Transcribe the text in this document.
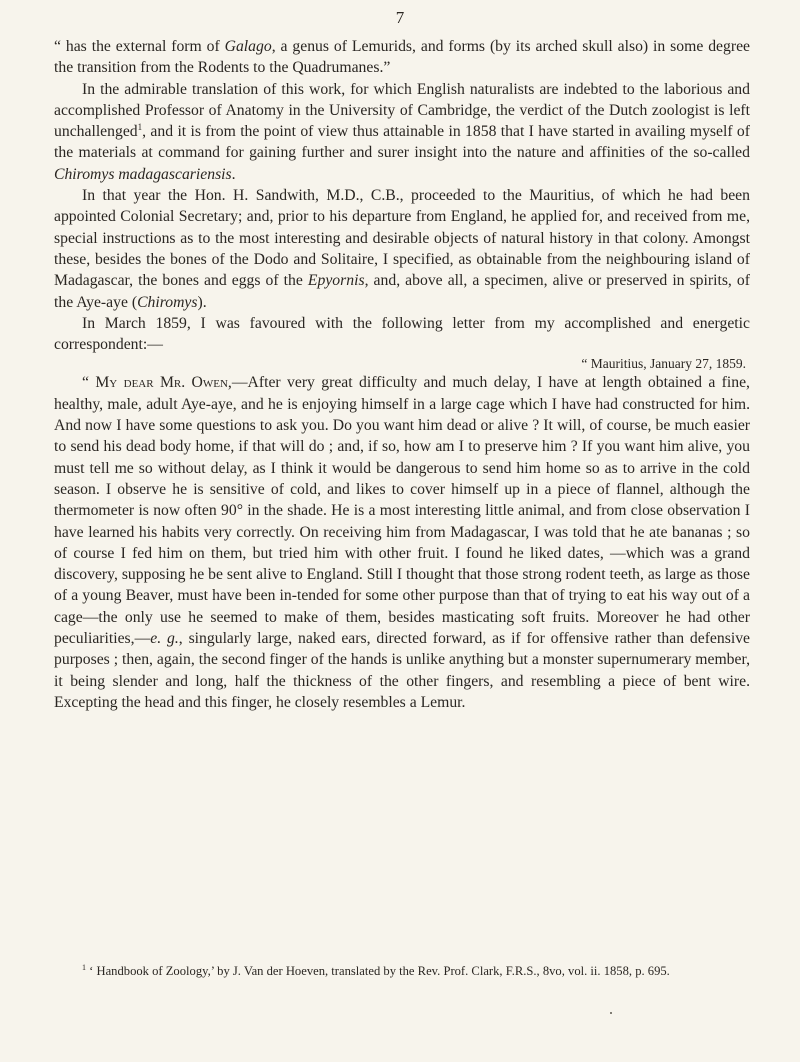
7

“ has the external form of Galago, a genus of Lemurids, and forms (by its arched skull also) in some degree the transition from the Rodents to the Quadrumanes.”

In the admirable translation of this work, for which English naturalists are indebted to the laborious and accomplished Professor of Anatomy in the University of Cambridge, the verdict of the Dutch zoologist is left unchallenged$^1$, and it is from the point of view thus attainable in 1858 that I have started in availing myself of the materials at command for gaining further and surer insight into the nature and affinities of the so-called Chiromys madagascariensis.

In that year the Hon. H. Sandwith, M.D., C.B., proceeded to the Mauritius, of which he had been appointed Colonial Secretary; and, prior to his departure from England, he applied for, and received from me, special instructions as to the most interesting and desirable objects of natural history in that colony. Amongst these, besides the bones of the Dodo and Solitaire, I specified, as obtainable from the neighbouring island of Madagascar, the bones and eggs of the Epyornis, and, above all, a specimen, alive or preserved in spirits, of the Aye-aye (Chiromys).

In March 1859, I was favoured with the following letter from my accomplished and energetic correspondent:—

“ Mauritius, January 27, 1859.

“ My dear Mr. Owen,—After very great difficulty and much delay, I have at length obtained a fine, healthy, male, adult Aye-aye, and he is enjoying himself in a large cage which I have had constructed for him. And now I have some questions to ask you. Do you want him dead or alive ? It will, of course, be much easier to send his dead body home, if that will do ; and, if so, how am I to preserve him ? If you want him alive, you must tell me so without delay, as I think it would be dangerous to send him home so as to arrive in the cold season. I observe he is sensitive of cold, and likes to cover himself up in a piece of flannel, although the thermometer is now often 90° in the shade. He is a most interesting little animal, and from close observation I have learned his habits very correctly. On receiving him from Madagascar, I was told that he ate bananas ; so of course I fed him on them, but tried him with other fruit. I found he liked dates, —which was a grand discovery, supposing he be sent alive to England. Still I thought that those strong rodent teeth, as large as those of a young Beaver, must have been in-tended for some other purpose than that of trying to eat his way out of a cage—the only use he seemed to make of them, besides masticating soft fruits. Moreover he had other peculiarities,—e. g., singularly large, naked ears, directed forward, as if for offensive rather than defensive purposes ; then, again, the second finger of the hands is unlike anything but a monster supernumerary member, it being slender and long, half the thickness of the other fingers, and resembling a piece of bent wire. Excepting the head and this finger, he closely resembles a Lemur.

$^1$ ‘ Handbook of Zoology,’ by J. Van der Hoeven, translated by the Rev. Prof. Clark, F.R.S., 8vo, vol. ii. 1858, p. 695.
